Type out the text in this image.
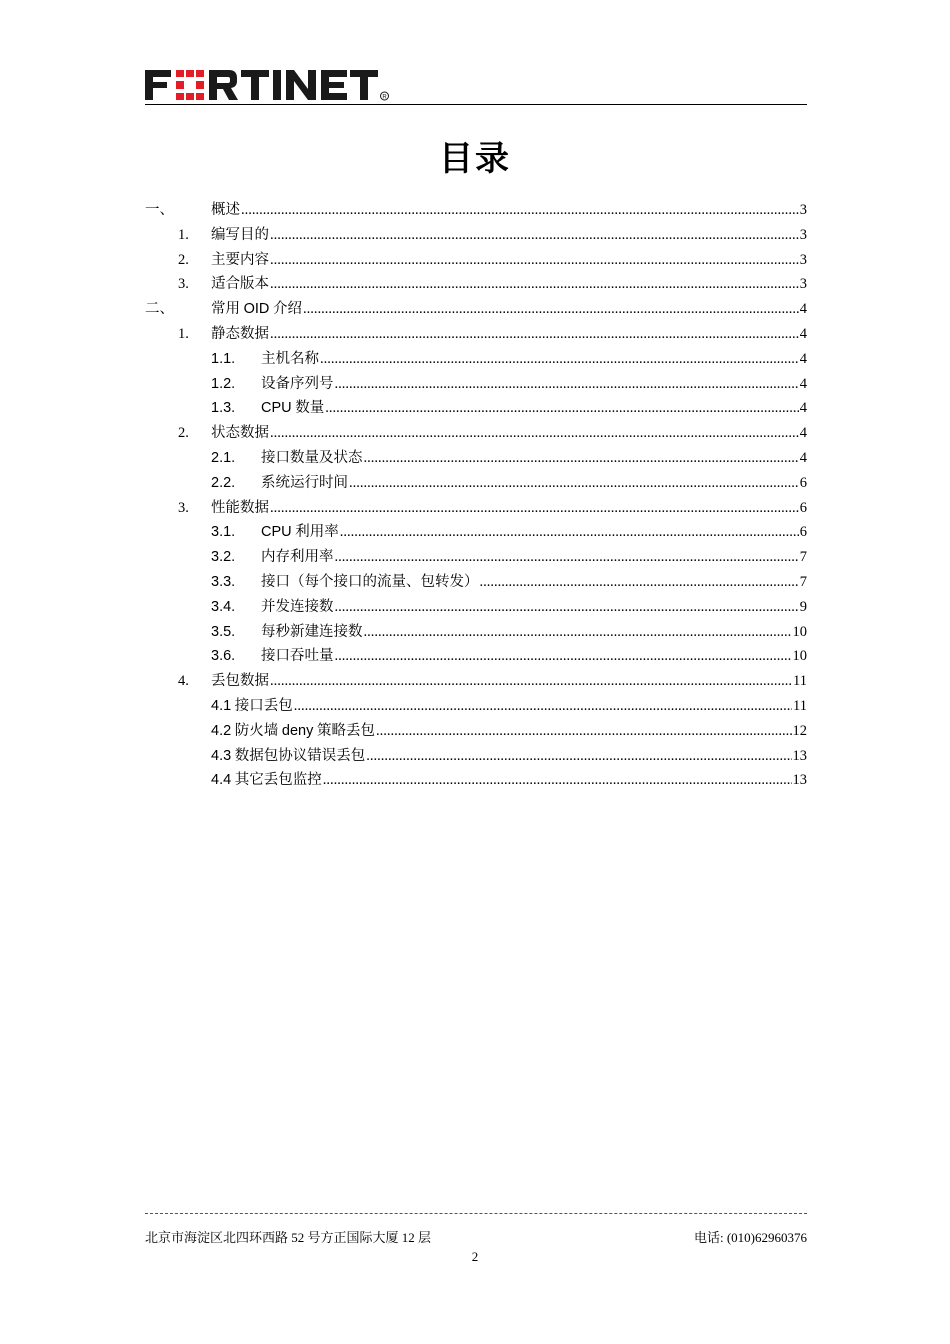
R
目录
一、	概述 .....	3
1. 编写目的 .....	3
2. 主要内容 .....	3
3. 适合版本 .....	3
二、	常用 OID 介绍 .....	4
1. 静态数据 .....	4
1.1. 主机名称 .....	4
1.2. 设备序列号 .....	4
1.3. CPU 数量 .....	4
2. 状态数据 .....	4
2.1. 接口数量及状态 .....	4
2.2. 系统运行时间 .....	6
3. 性能数据 .....	6
3.1. CPU 利用率 .....	6
3.2. 内存利用率 .....	7
3.3. 接口（每个接口的流量、包转发） .....	7
3.4. 并发连接数 .....	9
3.5. 每秒新建连接数 .....	10
3.6. 接口吞吐量 .....	10
4. 丢包数据 .....	11
4.1 接口丢包 .....	11
4.2 防火墙 deny 策略丢包 .....	12
4.3 数据包协议错误丢包 .....	13
4.4 其它丢包监控 .....	13
北京市海淀区北四环西路 52 号方正国际大厦 12 层	电话: (010)62960376
2
